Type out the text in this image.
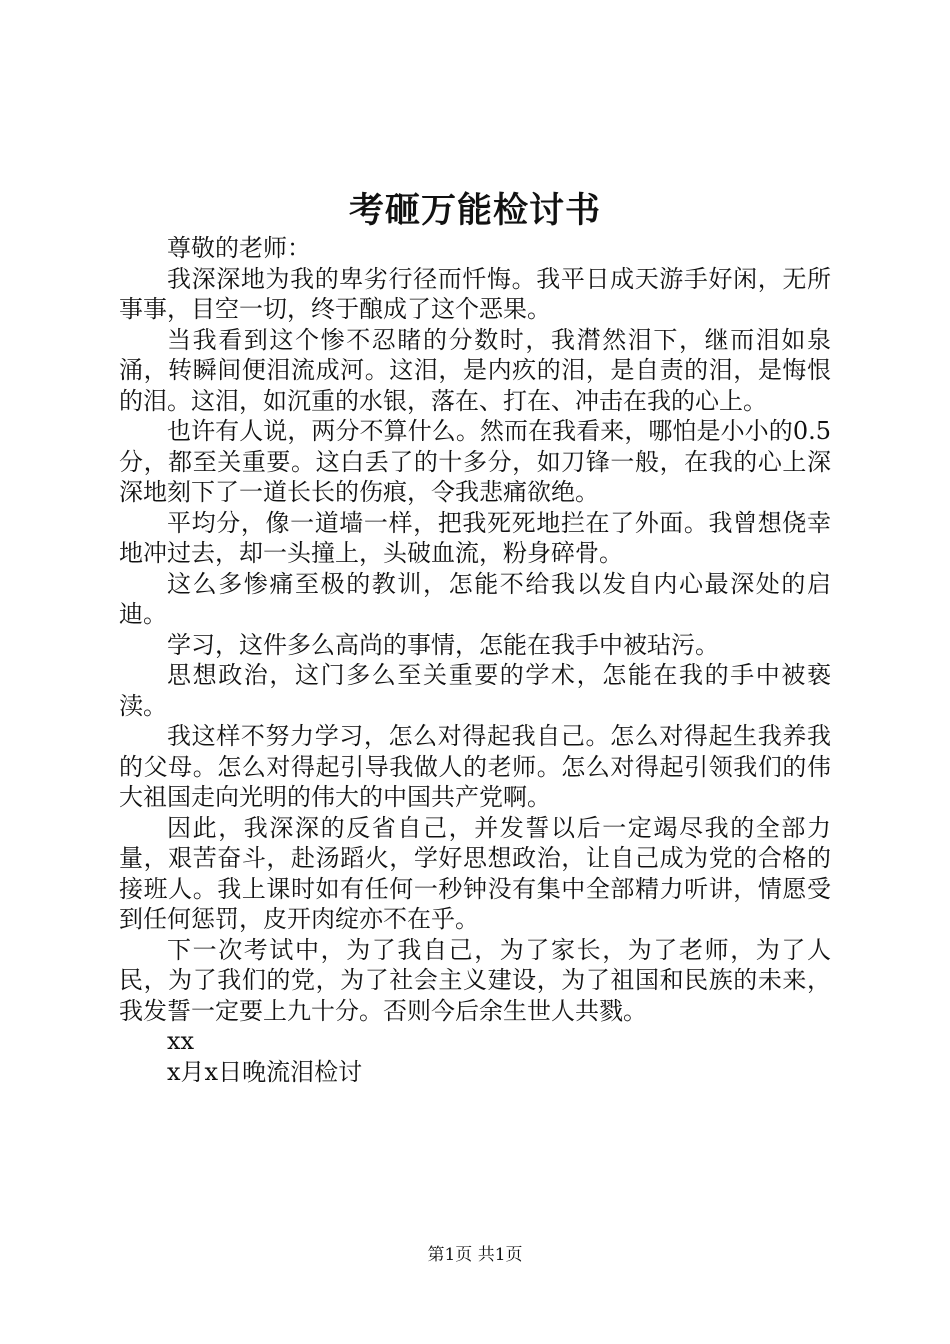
考砸万能检讨书

尊敬的老师：

我深深地为我的卑劣行径而忏悔。我平日成天游手好闲，无所事事，目空一切，终于酿成了这个恶果。

当我看到这个惨不忍睹的分数时，我潸然泪下，继而泪如泉涌，转瞬间便泪流成河。这泪，是内疚的泪，是自责的泪，是悔恨的泪。这泪，如沉重的水银，落在、打在、冲击在我的心上。

也许有人说，两分不算什么。然而在我看来，哪怕是小小的0.5分，都至关重要。这白丢了的十多分，如刀锋一般，在我的心上深深地刻下了一道长长的伤痕，令我悲痛欲绝。

平均分，像一道墙一样，把我死死地拦在了外面。我曾想侥幸地冲过去，却一头撞上，头破血流，粉身碎骨。

这么多惨痛至极的教训，怎能不给我以发自内心最深处的启迪。

学习，这件多么高尚的事情，怎能在我手中被玷污。

思想政治，这门多么至关重要的学术，怎能在我的手中被亵渎。

我这样不努力学习，怎么对得起我自己。怎么对得起生我养我的父母。怎么对得起引导我做人的老师。怎么对得起引领我们的伟大祖国走向光明的伟大的中国共产党啊。

因此，我深深的反省自己，并发誓以后一定竭尽我的全部力量，艰苦奋斗，赴汤蹈火，学好思想政治，让自己成为党的合格的接班人。我上课时如有任何一秒钟没有集中全部精力听讲，情愿受到任何惩罚，皮开肉绽亦不在乎。

下一次考试中，为了我自己，为了家长，为了老师，为了人民，为了我们的党，为了社会主义建设，为了祖国和民族的未来，我发誓一定要上九十分。否则今后余生世人共戮。

xx

x月x日晚流泪检讨

第1页 共1页
